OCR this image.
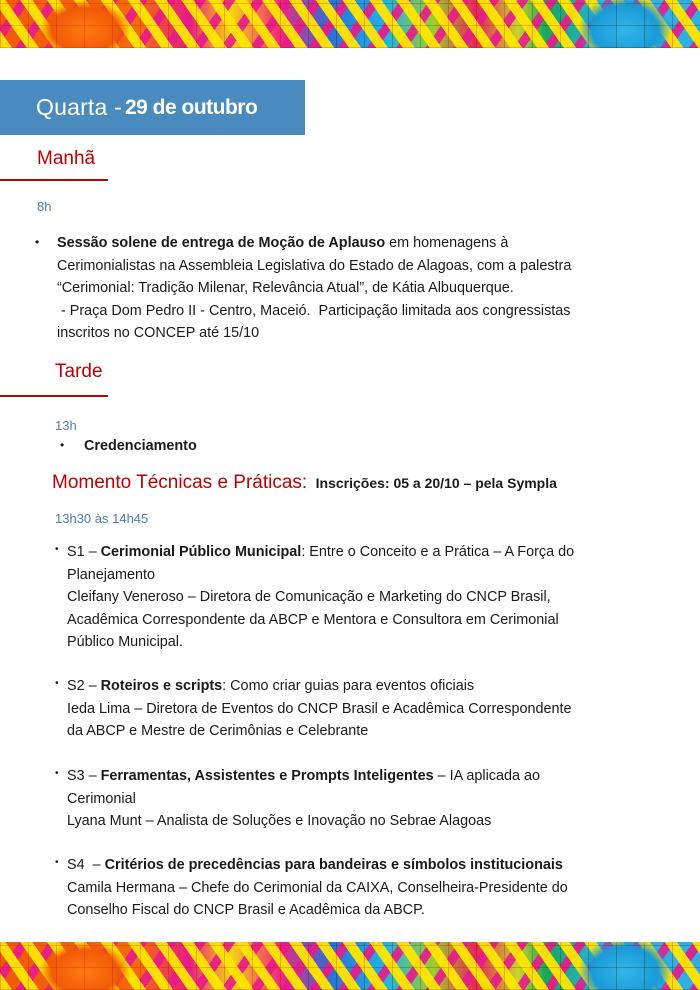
Quarta - 29 de outubro
Manhã
8h
• Sessão solene de entrega de Moção de Aplauso em homenagens à
Cerimonialistas na Assembleia Legislativa do Estado de Alagoas, com a palestra
“Cerimonial: Tradição Milenar, Relevância Atual”, de Kátia Albuquerque.
- Praça Dom Pedro II - Centro, Maceió.  Participação limitada aos congressistas
inscritos no CONCEP até 15/10
Tarde
13h
• Credenciamento
Momento Técnicas e Práticas: Inscrições: 05 a 20/10 – pela Sympla
13h30 às 14h45
• S1 – Cerimonial Público Municipal: Entre o Conceito e a Prática – A Força do
Planejamento
Cleifany Veneroso – Diretora de Comunicação e Marketing do CNCP Brasil,
Acadêmica Correspondente da ABCP e Mentora e Consultora em Cerimonial
Público Municipal.
• S2 – Roteiros e scripts: Como criar guias para eventos oficiais
Ieda Lima – Diretora de Eventos do CNCP Brasil e Acadêmica Correspondente
da ABCP e Mestre de Cerimônias e Celebrante
• S3 – Ferramentas, Assistentes e Prompts Inteligentes – IA aplicada ao
Cerimonial
Lyana Munt – Analista de Soluções e Inovação no Sebrae Alagoas
• S4  – Critérios de precedências para bandeiras e símbolos institucionais
Camila Hermana – Chefe do Cerimonial da CAIXA, Conselheira-Presidente do
Conselho Fiscal do CNCP Brasil e Acadêmica da ABCP.
